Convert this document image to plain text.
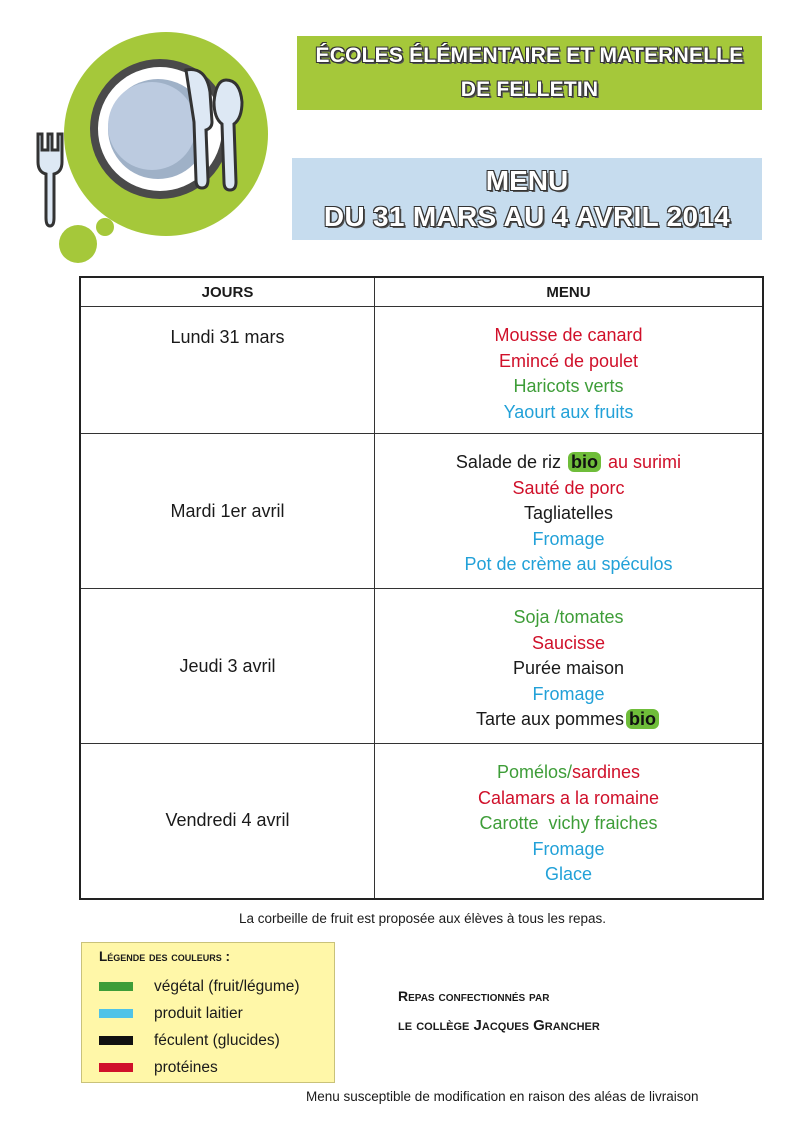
ÉCOLES ÉLÉMENTAIRE ET MATERNELLE
DE FELLETIN
MENU
DU 31 MARS AU 4 AVRIL 2014
JOURS	MENU
Lundi 31 mars	Mousse de canard
Emincé de poulet
Haricots verts
Yaourt aux fruits

Mardi 1er avril	Salade de riz bio au surimi
Sauté de porc
Tagliatelles
Fromage
Pot de crème au spéculos

Jeudi 3 avril	Soja /tomates
Saucisse
Purée maison
Fromage
Tarte aux pommes bio

Vendredi 4 avril	Pomélos/sardines
Calamars a la romaine
Carotte  vichy fraiches
Fromage
Glace
La corbeille de fruit est proposée aux élèves à tous les repas.
Légende des couleurs :
végétal (fruit/légume)
produit laitier
féculent (glucides)
protéines
Repas confectionnés par
le collège Jacques Grancher
Menu susceptible de modification en raison des aléas de livraison
